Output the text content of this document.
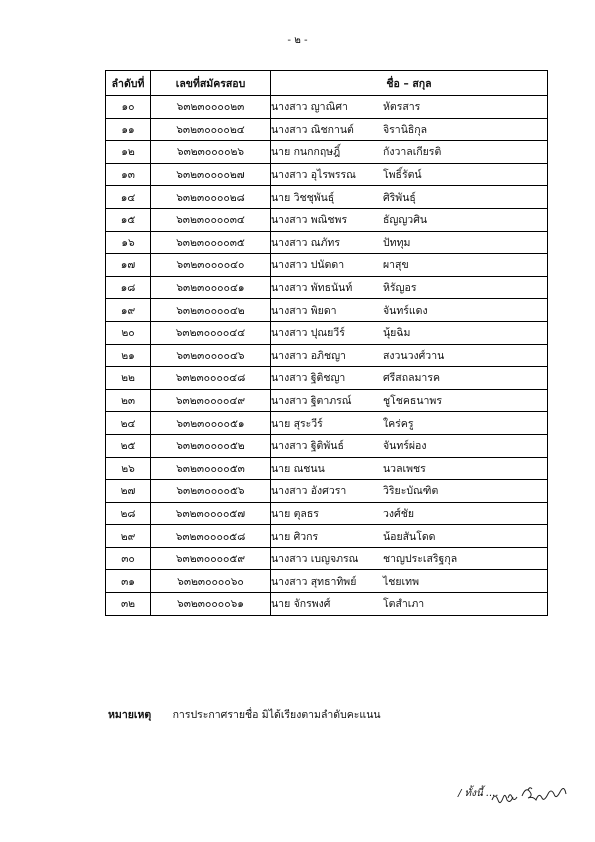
- ๒ -
ลำดับที่	เลขที่สมัครสอบ	ชื่อ – สกุล
๑๐	๖๓๒๓๐๐๐๐๒๓	นางสาว ญาณิศา หัตรสาร
๑๑	๖๓๒๓๐๐๐๐๒๔	นางสาว ณิชกานต์ จิรานิธิกุล
๑๒	๖๓๒๓๐๐๐๐๒๖	นาย กนกกฤษฎิ์ กังวาลเกียรติ
๑๓	๖๓๒๓๐๐๐๐๒๗	นางสาว อุไรพรรณ โพธิ์รัตน์
๑๔	๖๓๒๓๐๐๐๐๒๘	นาย วิชชุพันธุ์ ศิริพันธุ์
๑๕	๖๓๒๓๐๐๐๐๓๔	นางสาว พณิชพร ธัญญวศิน
๑๖	๖๓๒๓๐๐๐๐๓๕	นางสาว ณภัทร ปัททุม
๑๗	๖๓๒๓๐๐๐๐๔๐	นางสาว ปนัดดา ผาสุข
๑๘	๖๓๒๓๐๐๐๐๔๑	นางสาว พัทธนันท์ หิรัญอร
๑๙	๖๓๒๓๐๐๐๐๔๒	นางสาว พิยดา จันทร์แดง
๒๐	๖๓๒๓๐๐๐๐๔๔	นางสาว ปุณยวีร์ นุ้ยฉิม
๒๑	๖๓๒๓๐๐๐๐๔๖	นางสาว อภิชญา สงวนวงศ์วาน
๒๒	๖๓๒๓๐๐๐๐๔๘	นางสาว ฐิติชญา ศรีสถลมารค
๒๓	๖๓๒๓๐๐๐๐๔๙	นางสาว ฐิตาภรณ์ ชูโชคธนาพร
๒๔	๖๓๒๓๐๐๐๐๕๑	นาย สุระวีร์ ใคร่ครู
๒๕	๖๓๒๓๐๐๐๐๕๒	นางสาว ฐิติพันธ์ จันทร์ผ่อง
๒๖	๖๓๒๓๐๐๐๐๕๓	นาย ณชนน นวลเพชร
๒๗	๖๓๒๓๐๐๐๐๕๖	นางสาว อังศวรา วิริยะบัณฑิต
๒๘	๖๓๒๓๐๐๐๐๕๗	นาย ตุลธร วงศ์ชัย
๒๙	๖๓๒๓๐๐๐๐๕๘	นาย ศิวกร น้อยสันโดด
๓๐	๖๓๒๓๐๐๐๐๕๙	นางสาว เบญจภรณ ชาญประเสริฐกุล
๓๑	๖๓๒๓๐๐๐๐๖๐	นางสาว สุทธาทิพย์ ไชยเทพ
๓๒	๖๓๒๓๐๐๐๐๖๑	นาย จักรพงศ์ โตสำเภา
หมายเหตุ การประกาศรายชื่อ มิได้เรียงตามลำดับคะแนน
/ ทั้งนี้ ....
